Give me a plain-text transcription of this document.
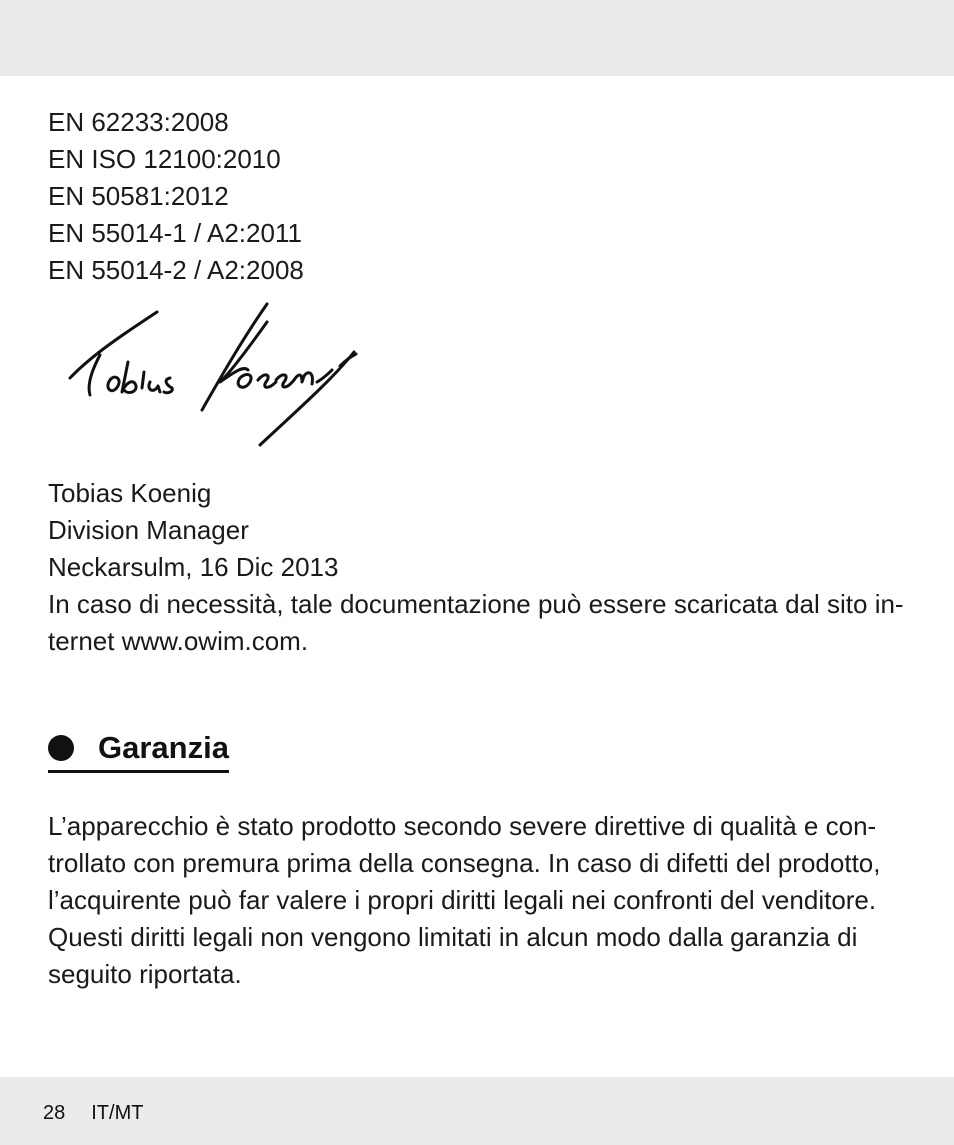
EN 62233:2008
EN ISO 12100:2010
EN 50581:2012
EN 55014-1 / A2:2011
EN 55014-2 / A2:2008
Tobias Koenig
Division Manager
Neckarsulm, 16 Dic 2013
In caso di necessità, tale documentazione può essere scaricata dal sito in- ternet www.owim.com.
Garanzia

L’apparecchio è stato prodotto secondo severe direttive di qualità e con- trollato con premura prima della consegna. In caso di difetti del prodotto, l’acquirente può far valere i propri diritti legali nei confronti del venditore. Questi diritti legali non vengono limitati in alcun modo dalla garanzia di seguito riportata.

28 IT/MT
